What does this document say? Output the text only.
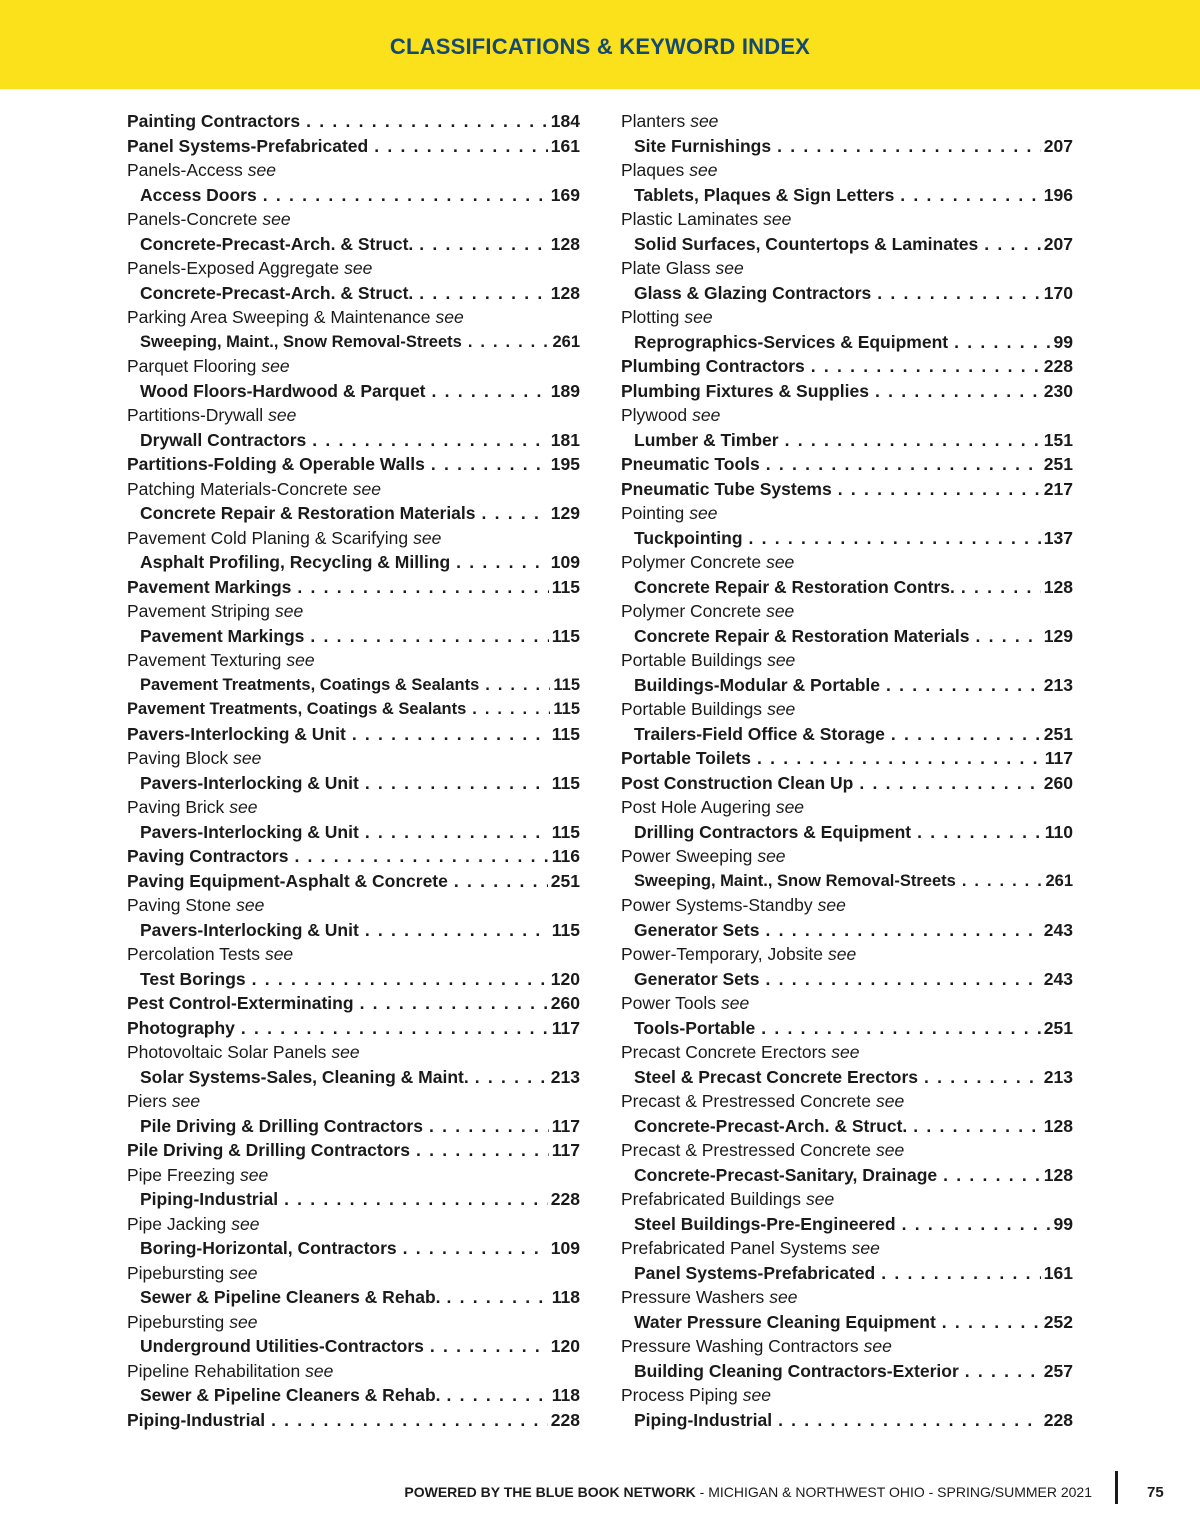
CLASSIFICATIONS & KEYWORD INDEX
Painting Contractors . . .	184
Panel Systems-Prefabricated . . .	161
Panels-Access see
Access Doors . . .	169
Panels-Concrete see
Concrete-Precast-Arch. & Struct. . . .	128
Panels-Exposed Aggregate see
Concrete-Precast-Arch. & Struct. . . .	128
Parking Area Sweeping & Maintenance see
Sweeping, Maint., Snow Removal-Streets . . .	261
Parquet Flooring see
Wood Floors-Hardwood & Parquet . . .	189
Partitions-Drywall see
Drywall Contractors . . .	181
Partitions-Folding & Operable Walls . . .	195
Patching Materials-Concrete see
Concrete Repair & Restoration Materials . . .	129
Pavement Cold Planing & Scarifying see
Asphalt Profiling, Recycling & Milling . . .	109
Pavement Markings . . .	115
Pavement Striping see
Pavement Markings . . .	115
Pavement Texturing see
Pavement Treatments, Coatings & Sealants . . .	115
Pavement Treatments, Coatings & Sealants . . .	115
Pavers-Interlocking & Unit . . .	115
Paving Block see
Pavers-Interlocking & Unit . . .	115
Paving Brick see
Pavers-Interlocking & Unit . . .	115
Paving Contractors . . .	116
Paving Equipment-Asphalt & Concrete . . .	251
Paving Stone see
Pavers-Interlocking & Unit . . .	115
Percolation Tests see
Test Borings . . .	120
Pest Control-Exterminating . . .	260
Photography . . .	117
Photovoltaic Solar Panels see
Solar Systems-Sales, Cleaning & Maint. . . .	213
Piers see
Pile Driving & Drilling Contractors . . .	117
Pile Driving & Drilling Contractors . . .	117
Pipe Freezing see
Piping-Industrial . . .	228
Pipe Jacking see
Boring-Horizontal, Contractors . . .	109
Pipebursting see
Sewer & Pipeline Cleaners & Rehab. . . .	118
Pipebursting see
Underground Utilities-Contractors . . .	120
Pipeline Rehabilitation see
Sewer & Pipeline Cleaners & Rehab. . . .	118
Piping-Industrial . . .	228
Planters see
Site Furnishings . . .	207
Plaques see
Tablets, Plaques & Sign Letters . . .	196
Plastic Laminates see
Solid Surfaces, Countertops & Laminates . . .	207
Plate Glass see
Glass & Glazing Contractors . . .	170
Plotting see
Reprographics-Services & Equipment . . .	99
Plumbing Contractors . . .	228
Plumbing Fixtures & Supplies . . .	230
Plywood see
Lumber & Timber . . .	151
Pneumatic Tools . . .	251
Pneumatic Tube Systems . . .	217
Pointing see
Tuckpointing . . .	137
Polymer Concrete see
Concrete Repair & Restoration Contrs. . . .	128
Polymer Concrete see
Concrete Repair & Restoration Materials . . .	129
Portable Buildings see
Buildings-Modular & Portable . . .	213
Portable Buildings see
Trailers-Field Office & Storage . . .	251
Portable Toilets . . .	117
Post Construction Clean Up . . .	260
Post Hole Augering see
Drilling Contractors & Equipment . . .	110
Power Sweeping see
Sweeping, Maint., Snow Removal-Streets . . .	261
Power Systems-Standby see
Generator Sets . . .	243
Power-Temporary, Jobsite see
Generator Sets . . .	243
Power Tools see
Tools-Portable . . .	251
Precast Concrete Erectors see
Steel & Precast Concrete Erectors . . .	213
Precast & Prestressed Concrete see
Concrete-Precast-Arch. & Struct. . . .	128
Precast & Prestressed Concrete see
Concrete-Precast-Sanitary, Drainage . . .	128
Prefabricated Buildings see
Steel Buildings-Pre-Engineered . . .	99
Prefabricated Panel Systems see
Panel Systems-Prefabricated . . .	161
Pressure Washers see
Water Pressure Cleaning Equipment . . .	252
Pressure Washing Contractors see
Building Cleaning Contractors-Exterior . . .	257
Process Piping see
Piping-Industrial . . .	228
POWERED BY THE BLUE BOOK NETWORK - MICHIGAN & NORTHWEST OHIO - SPRING/SUMMER 2021	75
